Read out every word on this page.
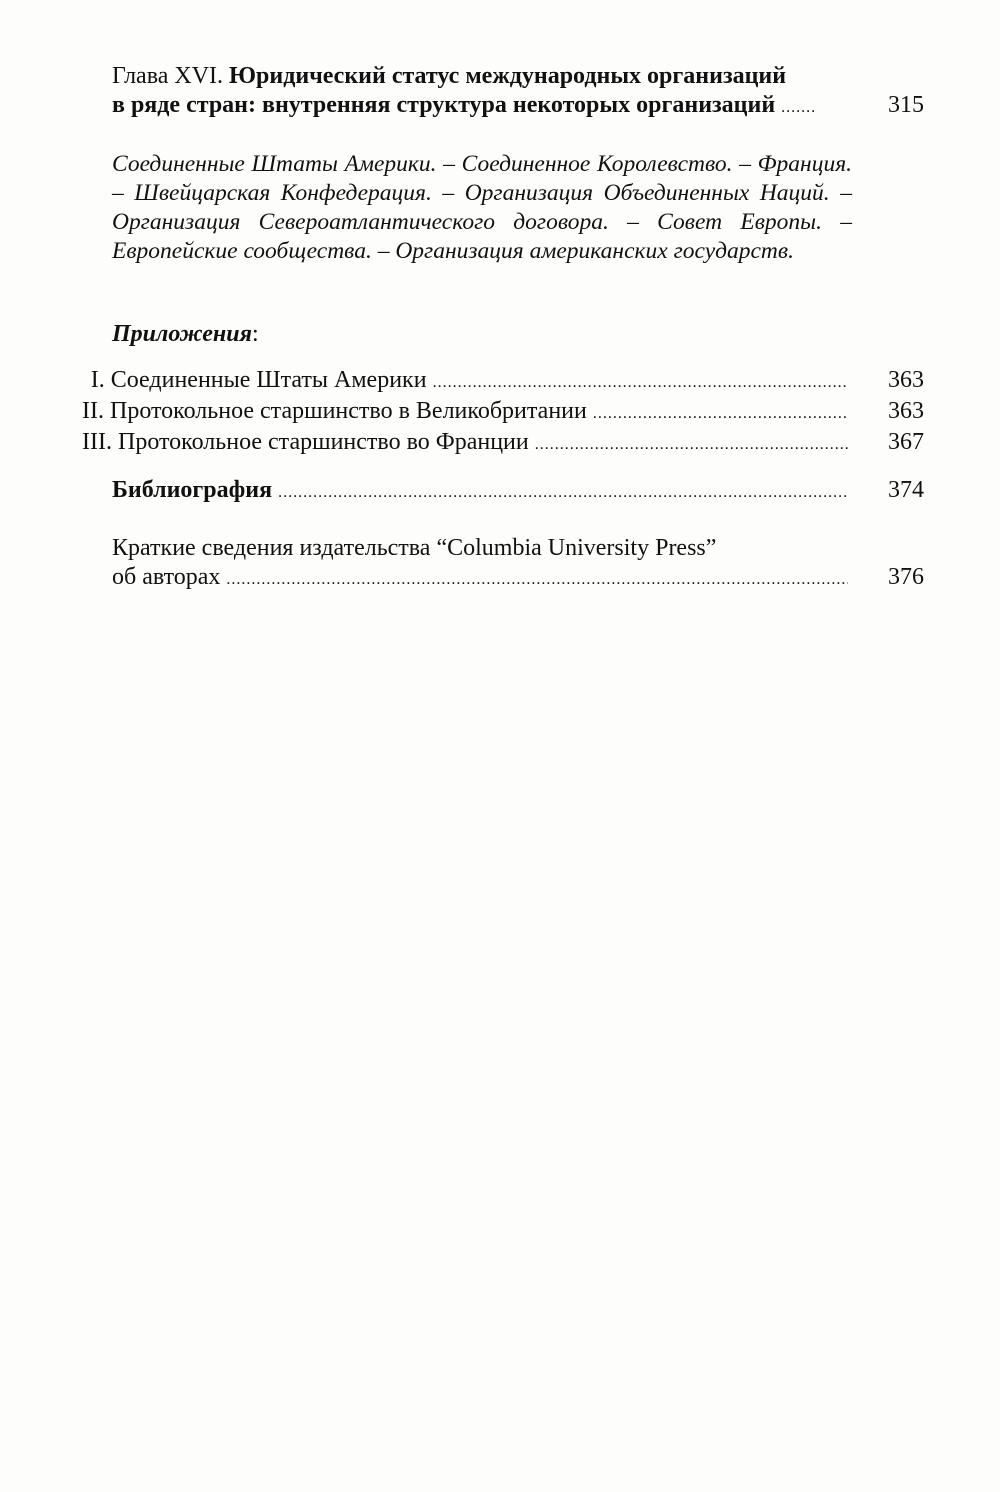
Глава XVI. Юридический статус международных организаций
в ряде стран: внутренняя структура некоторых организаций .....	315
Соединенные Штаты Америки. – Соединенное Королевство. – Франция. – Швейцарская Конфедерация. – Организация Объединенных Наций. – Организация Североатлантического договора. – Совет Европы. – Европейские сообщества. – Организация американских государств.
Приложения :
I. Соединенные Штаты Америки .....	363
II. Протокольное старшинство в Великобритании .....	363
III. Протокольное старшинство во Франции .....	367
Библиография .....	374
Краткие сведения издательства “Columbia University Press”
об авторах .....	376
